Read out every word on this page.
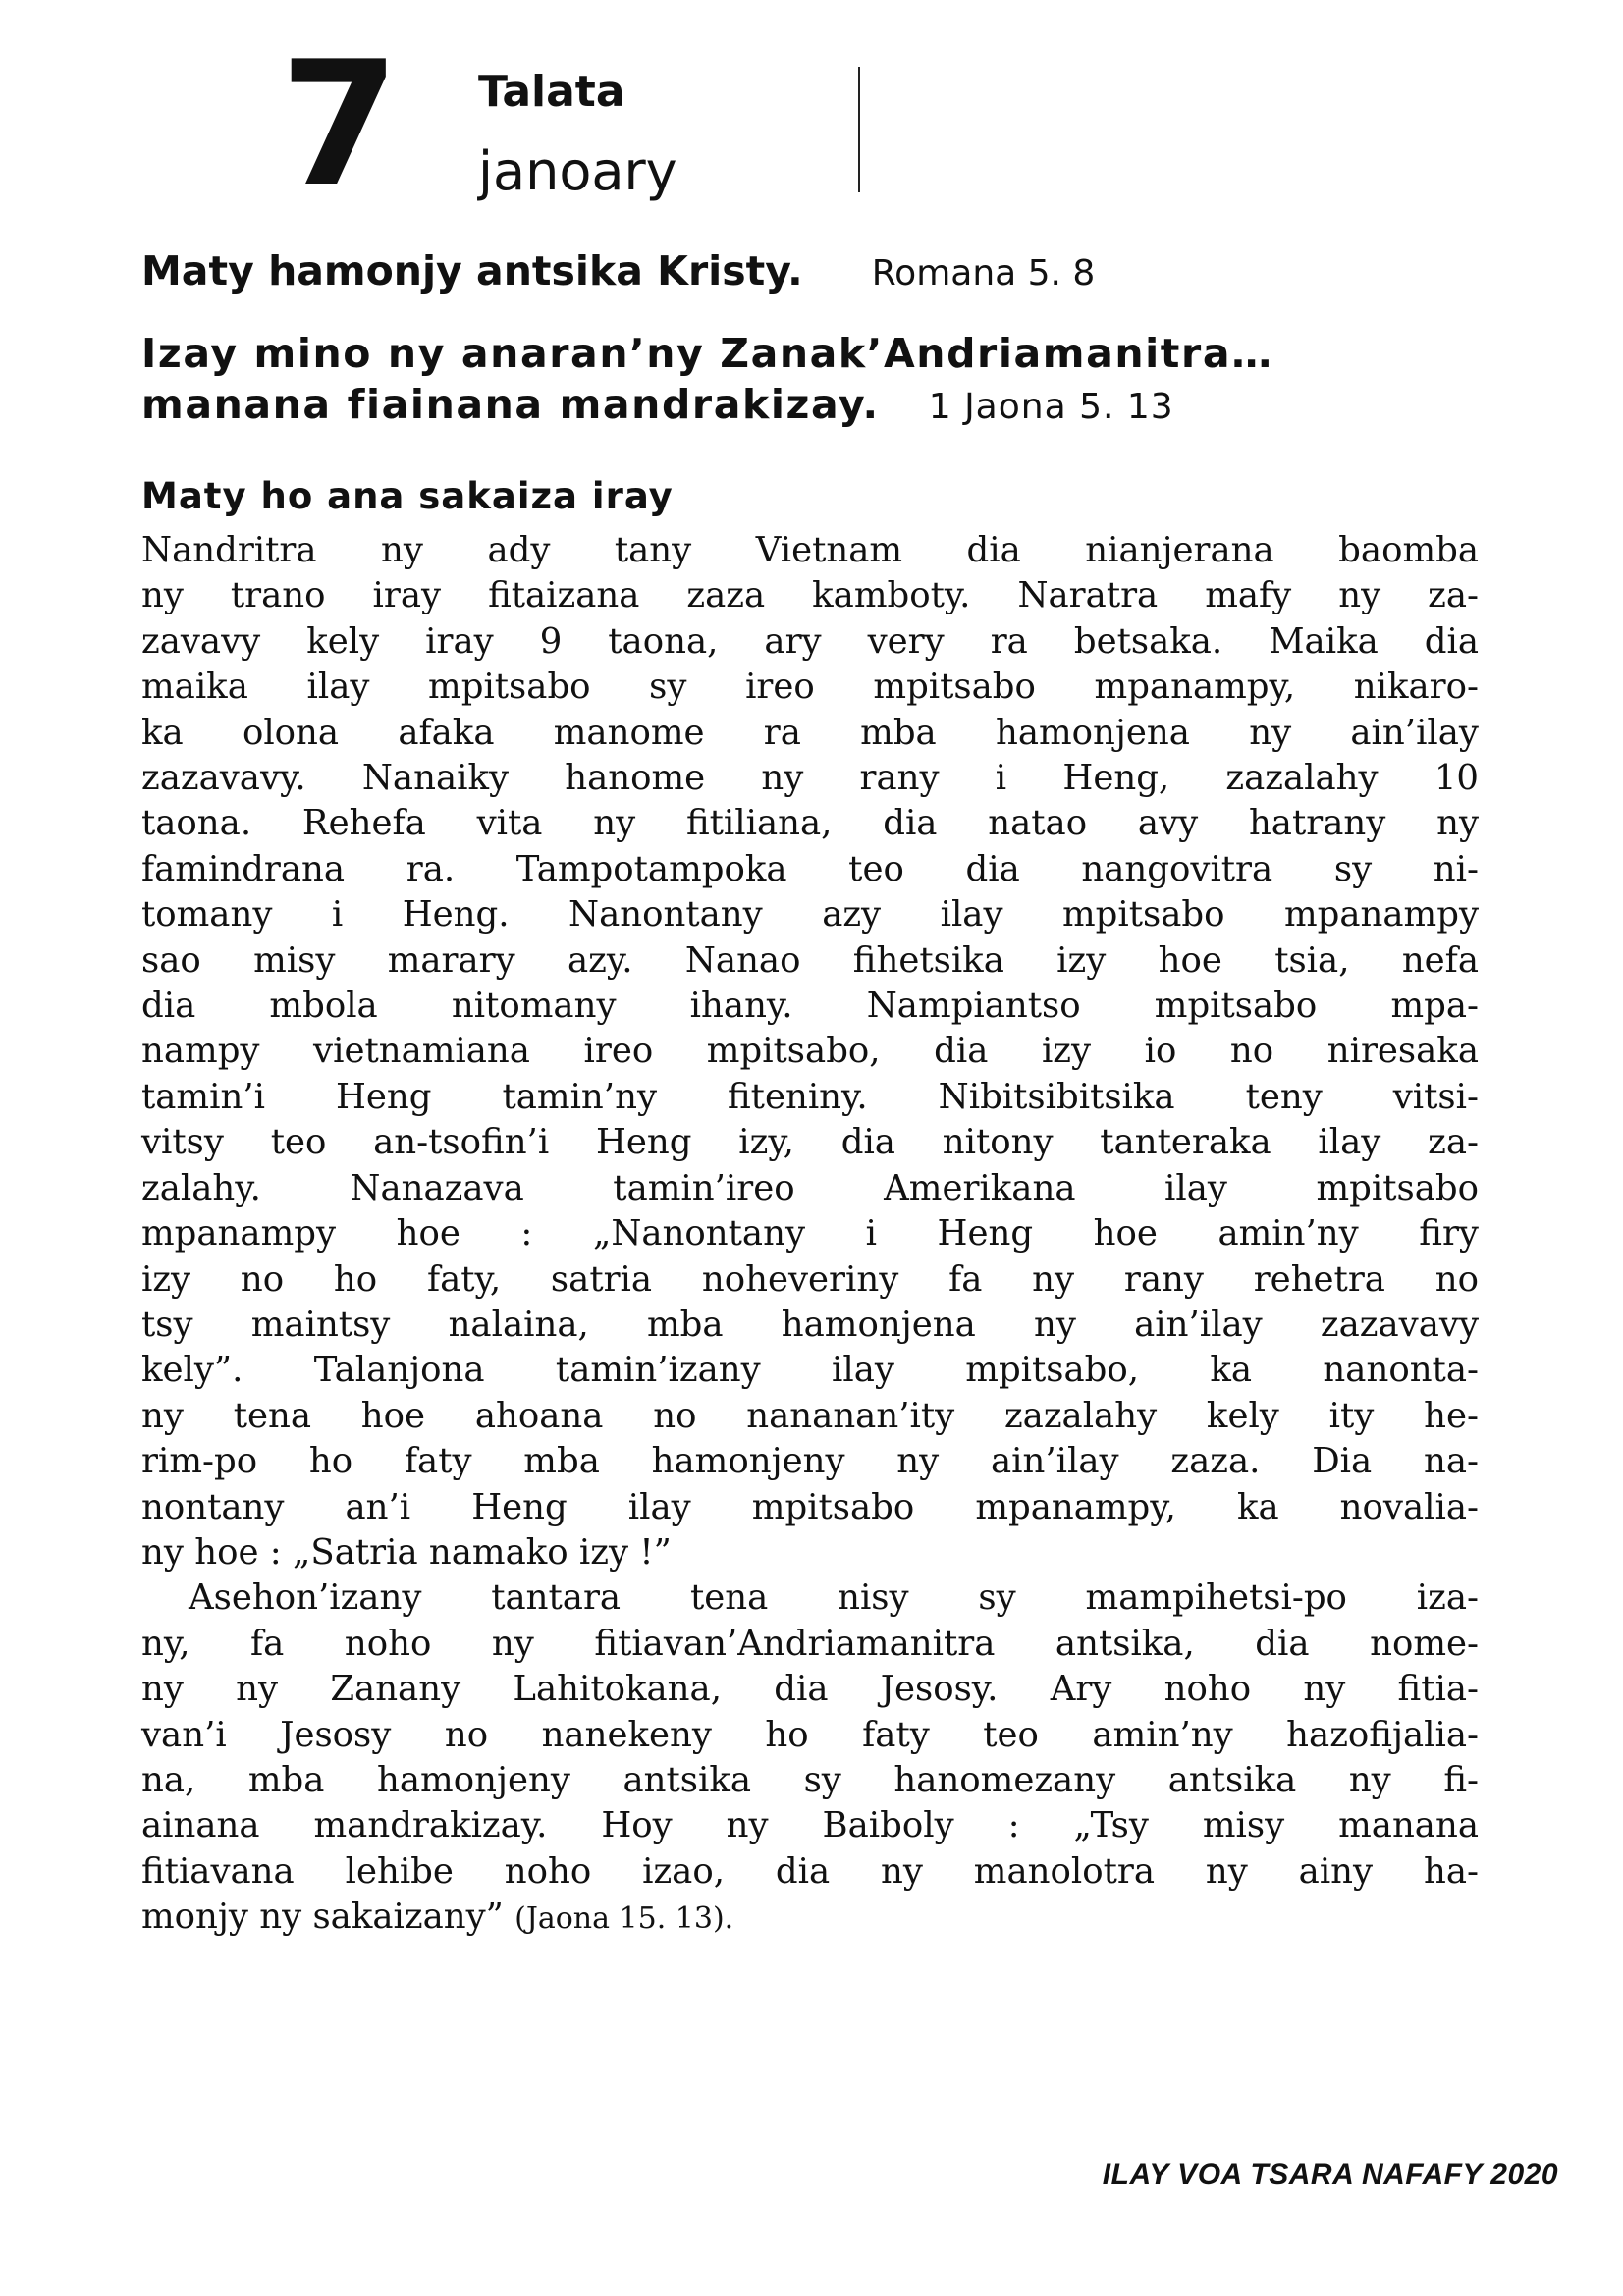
7 Talata
janoary
Maty hamonjy antsika Kristy. Romana 5. 8
Izay mino ny anaran’ny Zanak’Andriamanitra…
manana fiainana mandrakizay. 1 Jaona 5. 13
Maty ho ana sakaiza iray
Nandritra ny ady tany Vietnam dia nianjerana baomba
ny trano iray fitaizana zaza kamboty. Naratra mafy ny za-
zavavy kely iray 9 taona, ary very ra betsaka. Maika dia
maika ilay mpitsabo sy ireo mpitsabo mpanampy, nikaro-
ka olona afaka manome ra mba hamonjena ny ain’ilay
zazavavy. Nanaiky hanome ny rany i Heng, zazalahy 10
taona. Rehefa vita ny fitiliana, dia natao avy hatrany ny
famindrana ra. Tampotampoka teo dia nangovitra sy ni-
tomany i Heng. Nanontany azy ilay mpitsabo mpanampy
sao misy marary azy. Nanao fihetsika izy hoe tsia, nefa
dia mbola nitomany ihany. Nampiantso mpitsabo mpa-
nampy vietnamiana ireo mpitsabo, dia izy io no niresaka
tamin’i Heng tamin’ny fiteniny. Nibitsibitsika teny vitsi-
vitsy teo an-tsofin’i Heng izy, dia nitony tanteraka ilay za-
zalahy. Nanazava tamin’ireo Amerikana ilay mpitsabo
mpanampy hoe : „Nanontany i Heng hoe amin’ny firy
izy no ho faty, satria noheveriny fa ny rany rehetra no
tsy maintsy nalaina, mba hamonjena ny ain’ilay zazavavy
kely”. Talanjona tamin’izany ilay mpitsabo, ka nanonta-
ny tena hoe ahoana no nananan’ity zazalahy kely ity he-
rim-po ho faty mba hamonjeny ny ain’ilay zaza. Dia na-
nontany an’i Heng ilay mpitsabo mpanampy, ka novalia-
ny hoe : „Satria namako izy !”
Asehon’izany tantara tena nisy sy mampihetsi-po iza-
ny, fa noho ny fitiavan’Andriamanitra antsika, dia nome-
ny ny Zanany Lahitokana, dia Jesosy. Ary noho ny fitia-
van’i Jesosy no nanekeny ho faty teo amin’ny hazofijalia-
na, mba hamonjeny antsika sy hanomezany antsika ny fi-
ainana mandrakizay. Hoy ny Baiboly : „Tsy misy manana
fitiavana lehibe noho izao, dia ny manolotra ny ainy ha-
monjy ny sakaizany” (Jaona 15. 13).
ILAY VOA TSARA NAFAFY 2020
